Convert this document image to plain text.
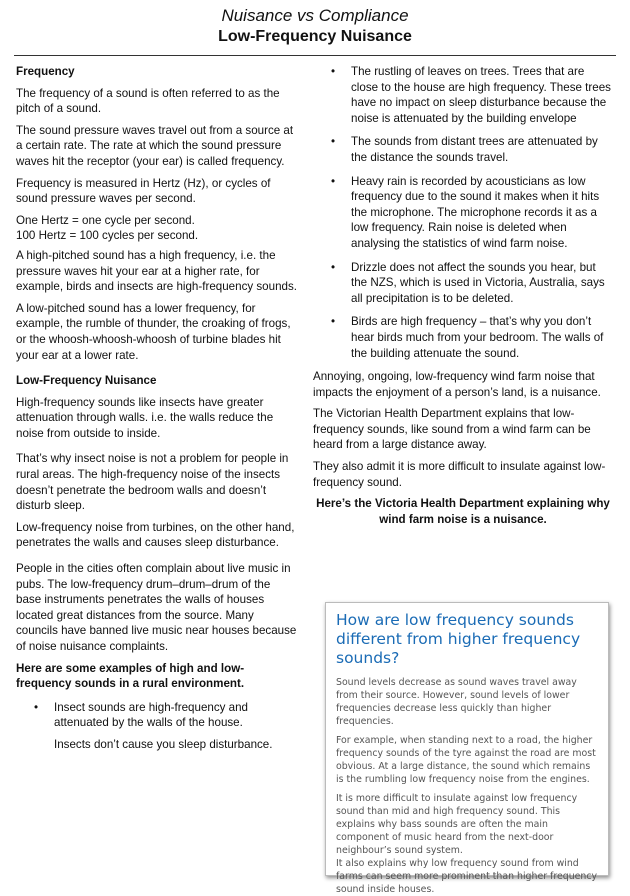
Nuisance vs Compliance
Low-Frequency Nuisance
Frequency

The frequency of a sound is often referred to as the pitch of a sound.

The sound pressure waves travel out from a source at a certain rate. The rate at which the sound pressure waves hit the receptor (your ear) is called frequency.

Frequency is measured in Hertz (Hz), or cycles of sound pressure waves per second.

One Hertz = one cycle per second.
100 Hertz = 100 cycles per second.

A high-pitched sound has a high frequency, i.e. the pressure waves hit your ear at a higher rate, for example, birds and insects are high-frequency sounds.

A low-pitched sound has a lower frequency, for example, the rumble of thunder, the croaking of frogs, or the whoosh-whoosh-whoosh of turbine blades hit your ear at a lower rate.

Low-Frequency Nuisance

High-frequency sounds like insects have greater attenuation through walls. i.e. the walls reduce the noise from outside to inside.

That’s why insect noise is not a problem for people in rural areas. The high-frequency noise of the insects doesn’t penetrate the bedroom walls and doesn’t disturb sleep.

Low-frequency noise from turbines, on the other hand, penetrates the walls and causes sleep disturbance.

People in the cities often complain about live music in pubs. The low-frequency drum–drum–drum of the base instruments penetrates the walls of houses located great distances from the source. Many councils have banned live music near houses because of noise nuisance complaints.

Here are some examples of high and low-frequency sounds in a rural environment.

• Insect sounds are high-frequency and attenuated by the walls of the house.

Insects don’t cause you sleep disturbance.

• The rustling of leaves on trees. Trees that are close to the house are high frequency. These trees have no impact on sleep disturbance because the noise is attenuated by the building envelope
• The sounds from distant trees are attenuated by the distance the sounds travel.
• Heavy rain is recorded by acousticians as low frequency due to the sound it makes when it hits the microphone. The microphone records it as a low frequency. Rain noise is deleted when analysing the statistics of wind farm noise.
• Drizzle does not affect the sounds you hear, but the NZS, which is used in Victoria, Australia, says all precipitation is to be deleted.
• Birds are high frequency – that’s why you don’t hear birds much from your bedroom. The walls of the building attenuate the sound.

Annoying, ongoing, low-frequency wind farm noise that impacts the enjoyment of a person’s land, is a nuisance.

The Victorian Health Department explains that low-frequency sounds, like sound from a wind farm can be heard from a large distance away.

They also admit it is more difficult to insulate against low-frequency sound.

Here’s the Victoria Health Department explaining why wind farm noise is a nuisance.

How are low frequency sounds different from higher frequency sounds?

Sound levels decrease as sound waves travel away from their source. However, sound levels of lower frequencies decrease less quickly than higher frequencies.

For example, when standing next to a road, the higher frequency sounds of the tyre against the road are most obvious. At a large distance, the sound which remains is the rumbling low frequency noise from the engines.

It is more difficult to insulate against low frequency sound than mid and high frequency sound. This explains why bass sounds are often the main component of music heard from the next-door neighbour’s sound system.

It also explains why low frequency sound from wind farms can seem more prominent than higher frequency sound inside houses.
